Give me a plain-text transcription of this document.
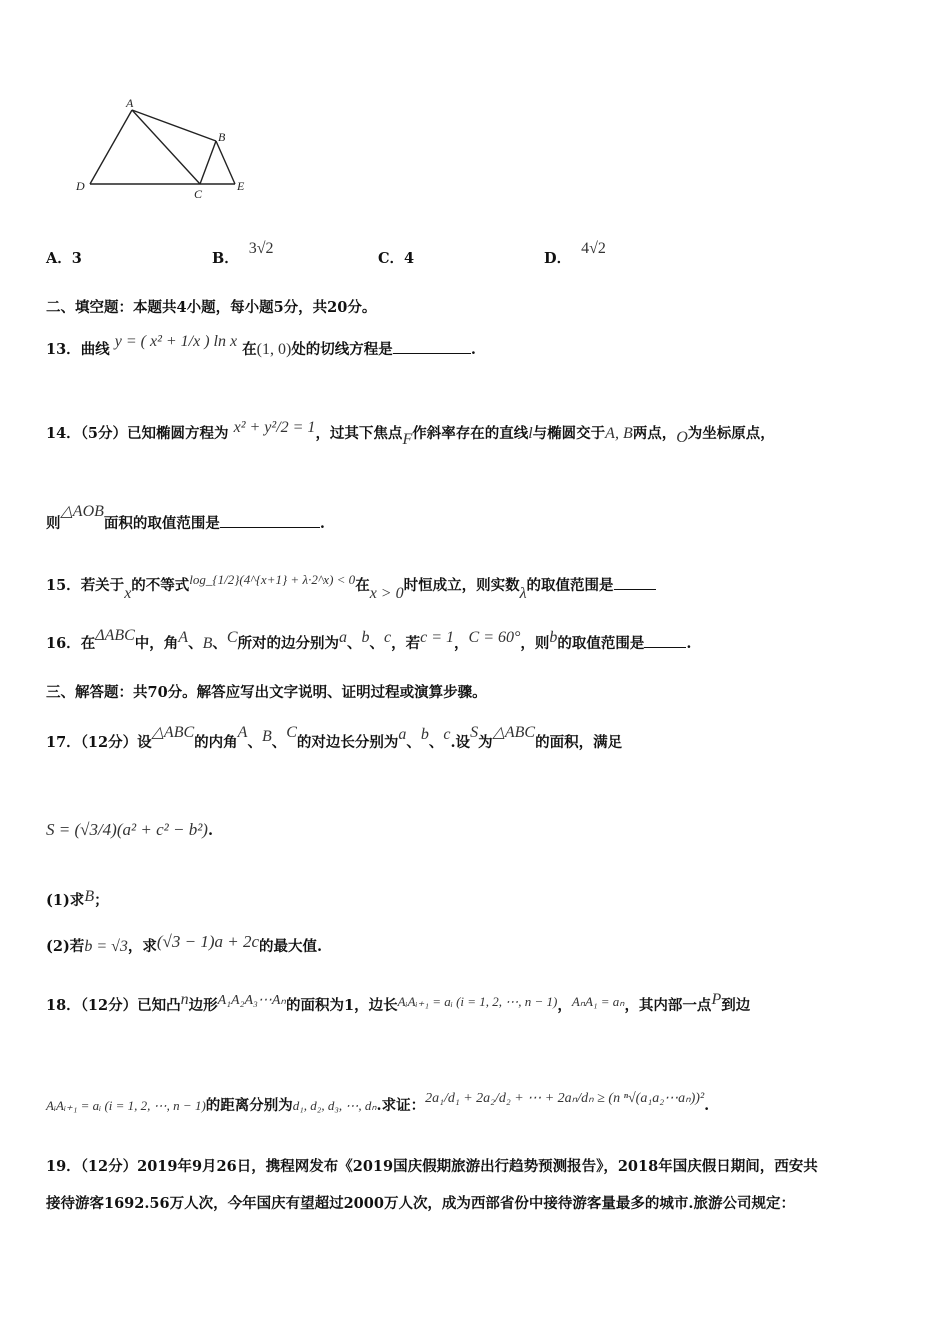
A
B
C
D	E
A．3	B．3√2
C．4	D．4√2
二、填空题：本题共4小题，每小题5分，共20分。
13．曲线 y = ( x² + 1/x ) ln x 在(1, 0)处的切线方程是	.
14．（5分）已知椭圆方程为 x² + y²/2 = 1，过其下焦点F作斜率存在的直线l与椭圆交于A, B两点，O为坐标原点，
则△AOB面积的取值范围是	.
15．若关于x的不等式log_{1/2}(4^{x+1} + λ·2^x) < 0在x > 0时恒成立，则实数λ的取值范围是
16．在ΔABC中，角A、B、C所对的边分别为a、b、c，若c = 1，C = 60°，则b的取值范围是	.
三、解答题：共70分。解答应写出文字说明、证明过程或演算步骤。
17．（12分）设△ABC的内角A、B、C的对边长分别为a、b、c.设S为△ABC的面积，满足
S = (√3/4)(a² + c² − b²).
(1)求B；
(2)若b = √3，求(√3 − 1)a + 2c的最大值.
18．（12分）已知凸n边形A₁A₂A₃⋯Aₙ的面积为1，边长AᵢAᵢ₊₁ = aᵢ (i = 1, 2, ⋯, n − 1)，AₙA₁ = aₙ，其内部一点P到边
AᵢAᵢ₊₁ = aᵢ (i = 1, 2, ⋯, n − 1)的距离分别为d₁, d₂, d₃, ⋯, dₙ.求证：2a₁/d₁ + 2a₂/d₂ + ⋯ + 2aₙ/dₙ ≥ (n ⁿ√(a₁a₂⋯aₙ))².
19．（12分）2019年9月26日，携程网发布《2019国庆假期旅游出行趋势预测报告》，2018年国庆假日期间，西安共
接待游客1692.56万人次，今年国庆有望超过2000万人次，成为西部省份中接待游客量最多的城市.旅游公司规定：
